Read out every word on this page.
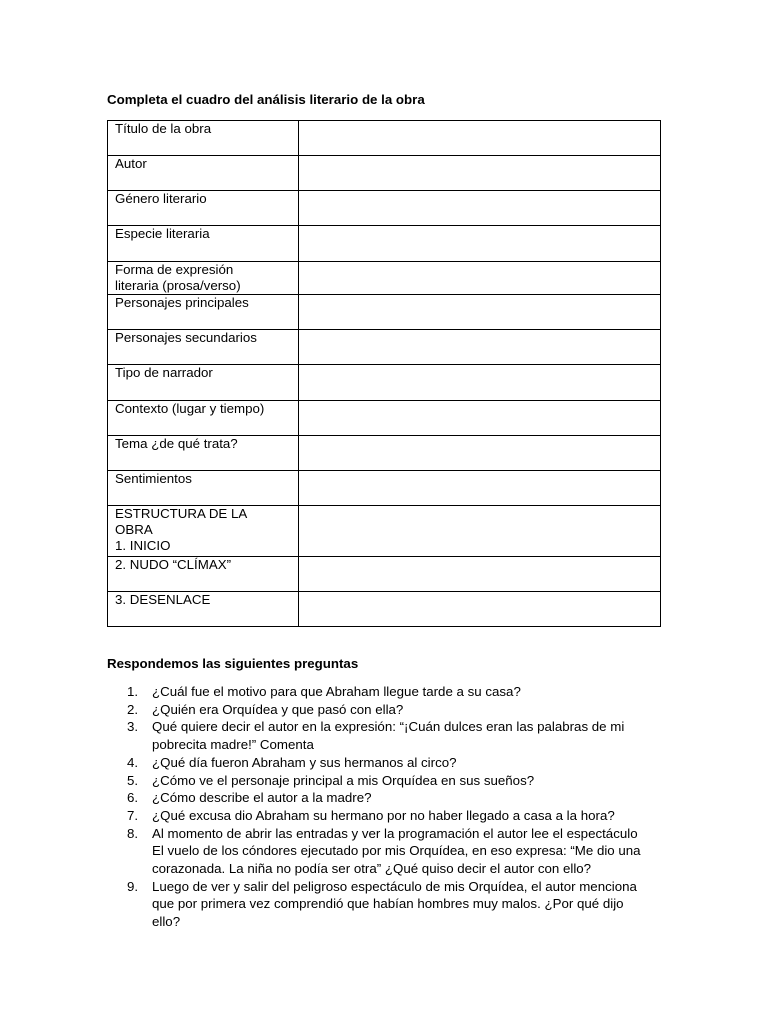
Completa el cuadro del análisis literario de la obra
Título de la obra	

Autor	

Género literario	

Especie literaria	

Forma de expresión
literaria (prosa/verso)	

Personajes principales	

Personajes secundarios	

Tipo de narrador	

Contexto (lugar y tiempo)	

Tema ¿de qué trata?	

Sentimientos	

ESTRUCTURA DE LA
OBRA
1. INICIO	

2. NUDO “CLÍMAX”	

3. DESENLACE	

Respondemos las siguientes preguntas
1. ¿Cuál fue el motivo para que Abraham llegue tarde a su casa?
2. ¿Quién era Orquídea y que pasó con ella?
3. Qué quiere decir el autor en la expresión: “¡Cuán dulces eran las palabras de mi
pobrecita madre!” Comenta
4. ¿Qué día fueron Abraham y sus hermanos al circo?
5. ¿Cómo ve el personaje principal a mis Orquídea en sus sueños?
6. ¿Cómo describe el autor a la madre?
7. ¿Qué excusa dio Abraham su hermano por no haber llegado a casa a la hora?
8. Al momento de abrir las entradas y ver la programación el autor lee el espectáculo
El vuelo de los cóndores ejecutado por mis Orquídea, en eso expresa: “Me dio una
corazonada. La niña no podía ser otra” ¿Qué quiso decir el autor con ello?
9. Luego de ver y salir del peligroso espectáculo de mis Orquídea, el autor menciona
que por primera vez comprendió que habían hombres muy malos. ¿Por qué dijo
ello?
